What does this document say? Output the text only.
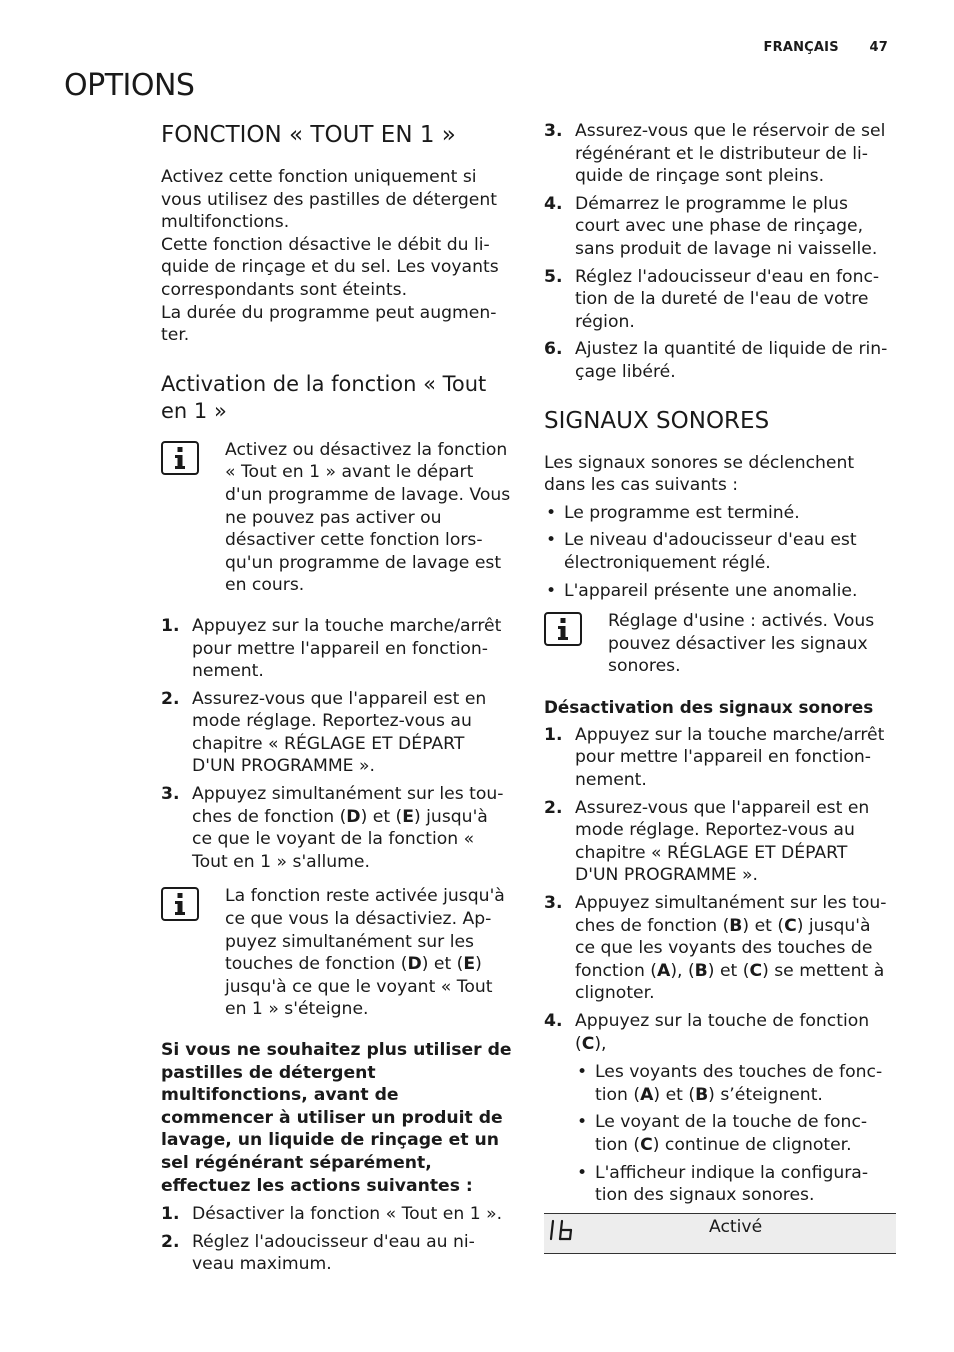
FRANÇAIS 47
OPTIONS
FONCTION « TOUT EN 1 »

Activez cette fonction uniquement si vous utilisez des pastilles de détergent multifonctions.

Cette fonction désactive le débit du li-quide de rinçage et du sel. Les voyants correspondants sont éteints.

La durée du programme peut augmen-ter.

Activation de la fonction « Tout en 1 »
Activez ou désactivez la fonction « Tout en 1 » avant le départ d'un programme de lavage. Vous ne pouvez pas activer ou désactiver cette fonction lors-qu'un programme de lavage est en cours.
1. Appuyez sur la touche marche/arrêt pour mettre l'appareil en fonction-nement.
2. Assurez-vous que l'appareil est en mode réglage. Reportez-vous au chapitre « RÉGLAGE ET DÉPART D'UN PROGRAMME ».
3. Appuyez simultanément sur les tou-ches de fonction (D) et (E) jusqu'à ce que le voyant de la fonction « Tout en 1 » s'allume.
La fonction reste activée jusqu'à ce que vous la désactiviez. Ap-puyez simultanément sur les touches de fonction (D) et (E) jusqu'à ce que le voyant « Tout en 1 » s'éteigne.

Si vous ne souhaitez plus utiliser de pastilles de détergent multifonctions, avant de commencer à utiliser un produit de lavage, un liquide de rinçage et un sel régénérant séparément, effectuez les actions suivantes :

1. Désactiver la fonction « Tout en 1 ».
2. Réglez l'adoucisseur d'eau au ni-veau maximum.
3. Assurez-vous que le réservoir de sel régénérant et le distributeur de li-quide de rinçage sont pleins.
4. Démarrez le programme le plus court avec une phase de rinçage, sans produit de lavage ni vaisselle.
5. Réglez l'adoucisseur d'eau en fonc-tion de la dureté de l'eau de votre région.
6. Ajustez la quantité de liquide de rin-çage libéré.
SIGNAUX SONORES

Les signaux sonores se déclenchent dans les cas suivants :

• Le programme est terminé.
• Le niveau d'adoucisseur d'eau est électroniquement réglé.
• L'appareil présente une anomalie.
Réglage d'usine : activés. Vous pouvez désactiver les signaux sonores.
Désactivation des signaux sonores
1. Appuyez sur la touche marche/arrêt pour mettre l'appareil en fonction-nement.
2. Assurez-vous que l'appareil est en mode réglage. Reportez-vous au chapitre « RÉGLAGE ET DÉPART D'UN PROGRAMME ».
3. Appuyez simultanément sur les tou-ches de fonction (B) et (C) jusqu'à ce que les voyants des touches de fonction (A), (B) et (C) se mettent à clignoter.
4. Appuyez sur la touche de fonction (C),
• Les voyants des touches de fonc-tion (A) et (B) s’éteignent.
• Le voyant de la touche de fonc-tion (C) continue de clignoter.
• L'afficheur indique la configura-tion des signaux sonores.
Activé
